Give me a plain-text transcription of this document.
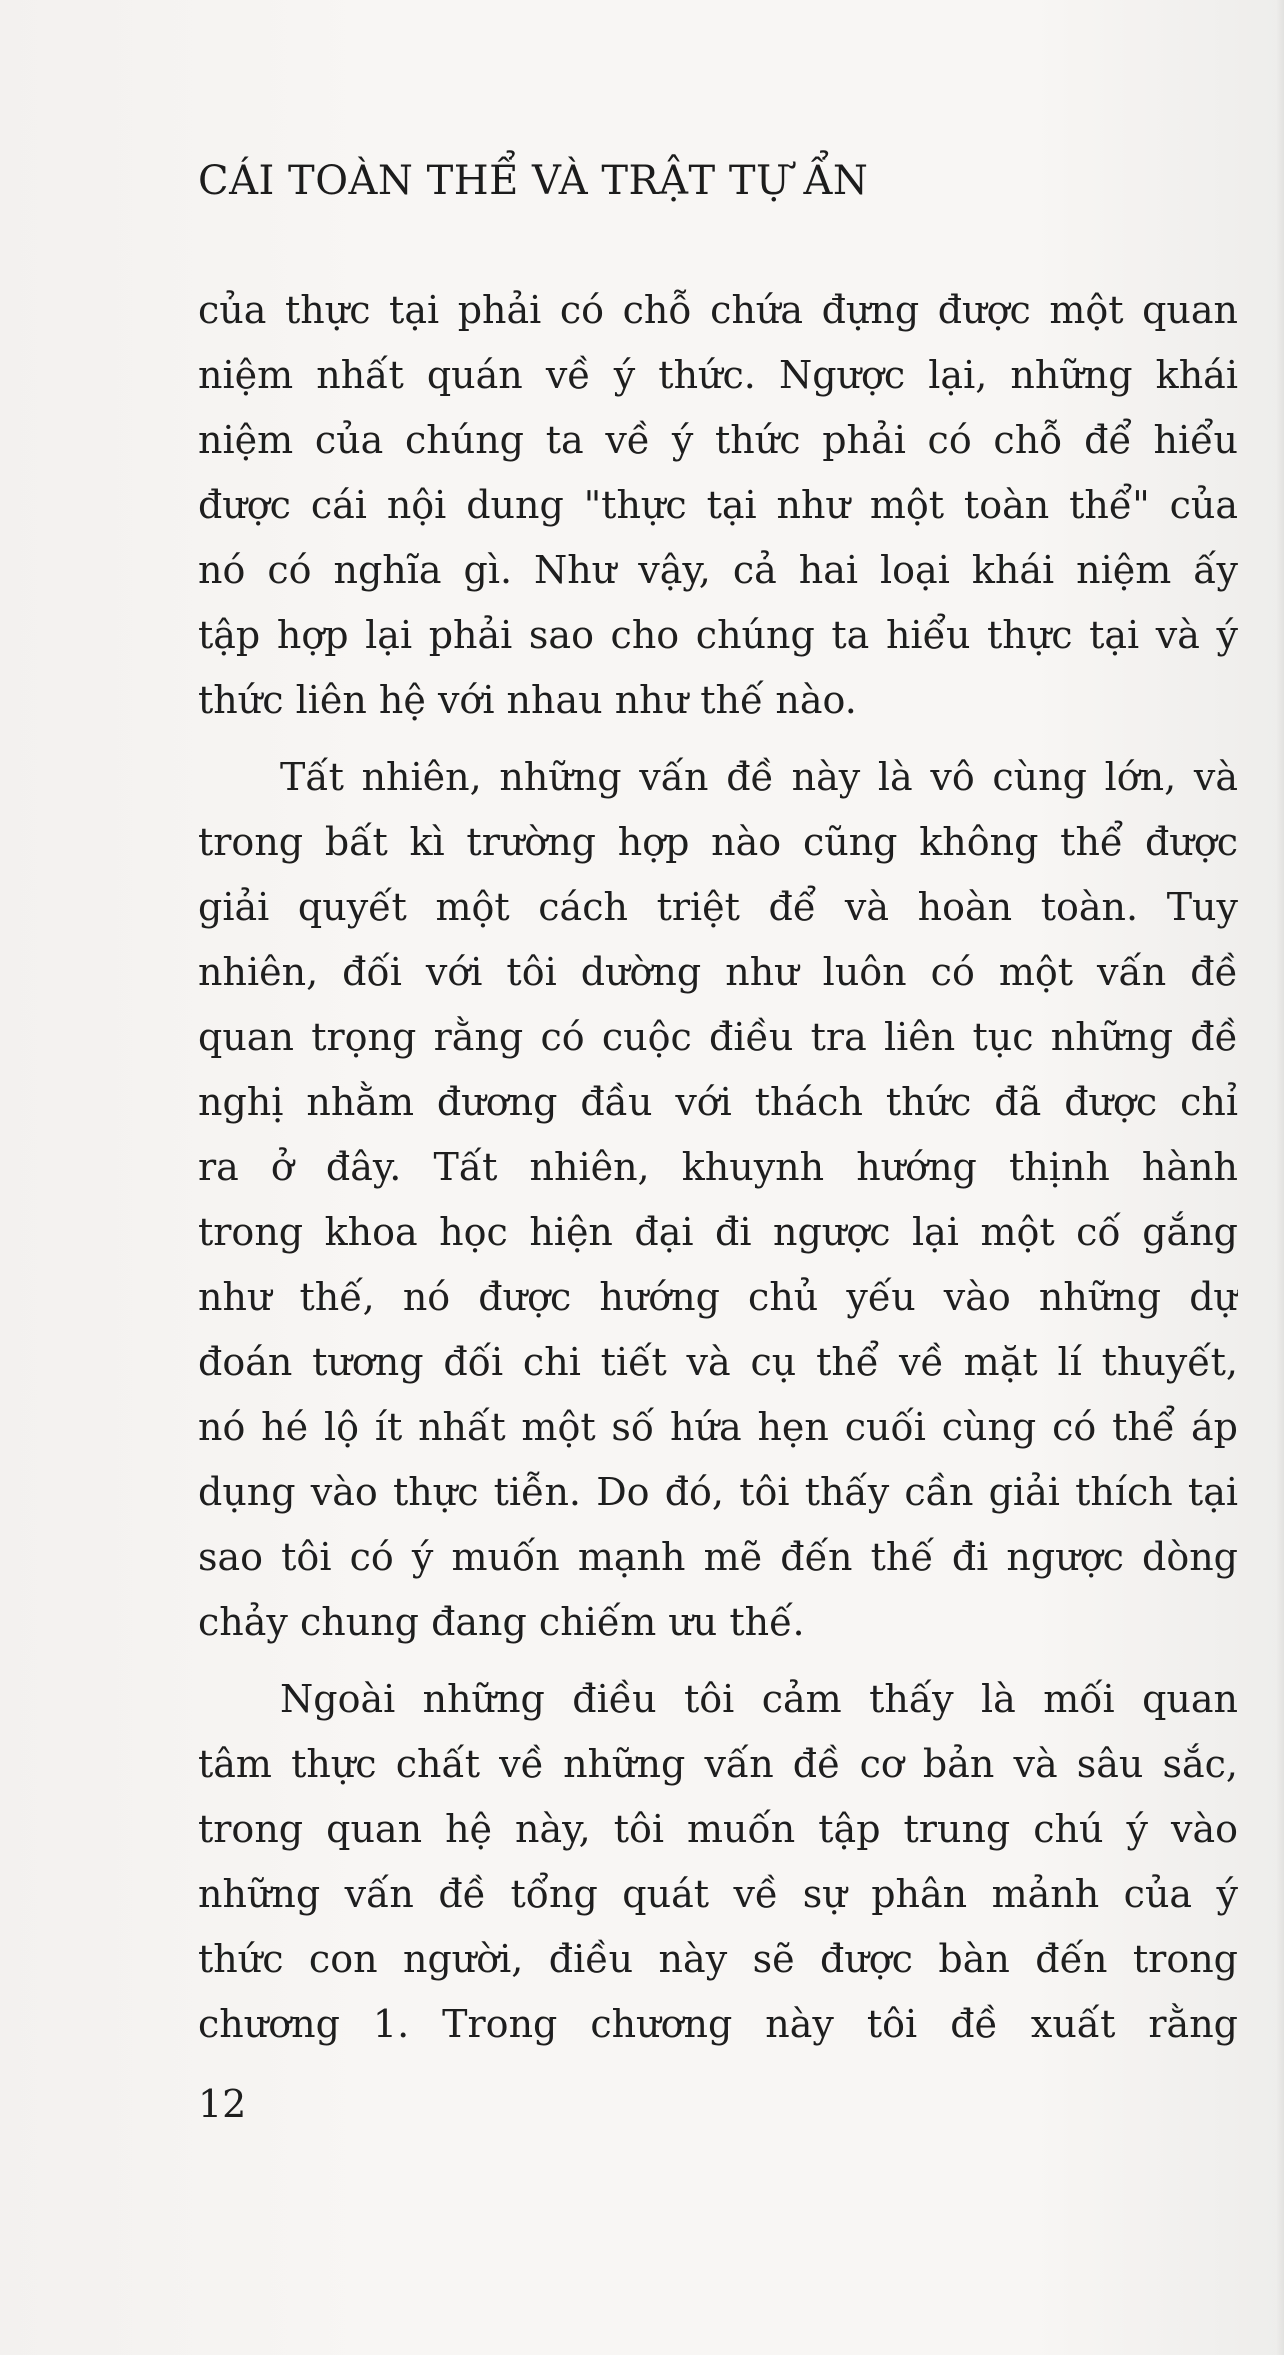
CÁI TOÀN THỂ VÀ TRẬT TỰ ẨN
của thực tại phải có chỗ chứa đựng được một quan
niệm nhất quán về ý thức. Ngược lại, những khái
niệm của chúng ta về ý thức phải có chỗ để hiểu
được cái nội dung "thực tại như một toàn thể" của
nó có nghĩa gì. Như vậy, cả hai loại khái niệm ấy
tập hợp lại phải sao cho chúng ta hiểu thực tại và ý
thức liên hệ với nhau như thế nào.
Tất nhiên, những vấn đề này là vô cùng lớn, và
trong bất kì trường hợp nào cũng không thể được
giải quyết một cách triệt để và hoàn toàn. Tuy
nhiên, đối với tôi dường như luôn có một vấn đề
quan trọng rằng có cuộc điều tra liên tục những đề
nghị nhằm đương đầu với thách thức đã được chỉ
ra ở đây. Tất nhiên, khuynh hướng thịnh hành
trong khoa học hiện đại đi ngược lại một cố gắng
như thế, nó được hướng chủ yếu vào những dự
đoán tương đối chi tiết và cụ thể về mặt lí thuyết,
nó hé lộ ít nhất một số hứa hẹn cuối cùng có thể áp
dụng vào thực tiễn. Do đó, tôi thấy cần giải thích tại
sao tôi có ý muốn mạnh mẽ đến thế đi ngược dòng
chảy chung đang chiếm ưu thế.
Ngoài những điều tôi cảm thấy là mối quan
tâm thực chất về những vấn đề cơ bản và sâu sắc,
trong quan hệ này, tôi muốn tập trung chú ý vào
những vấn đề tổng quát về sự phân mảnh của ý
thức con người, điều này sẽ được bàn đến trong
chương 1. Trong chương này tôi đề xuất rằng
12
